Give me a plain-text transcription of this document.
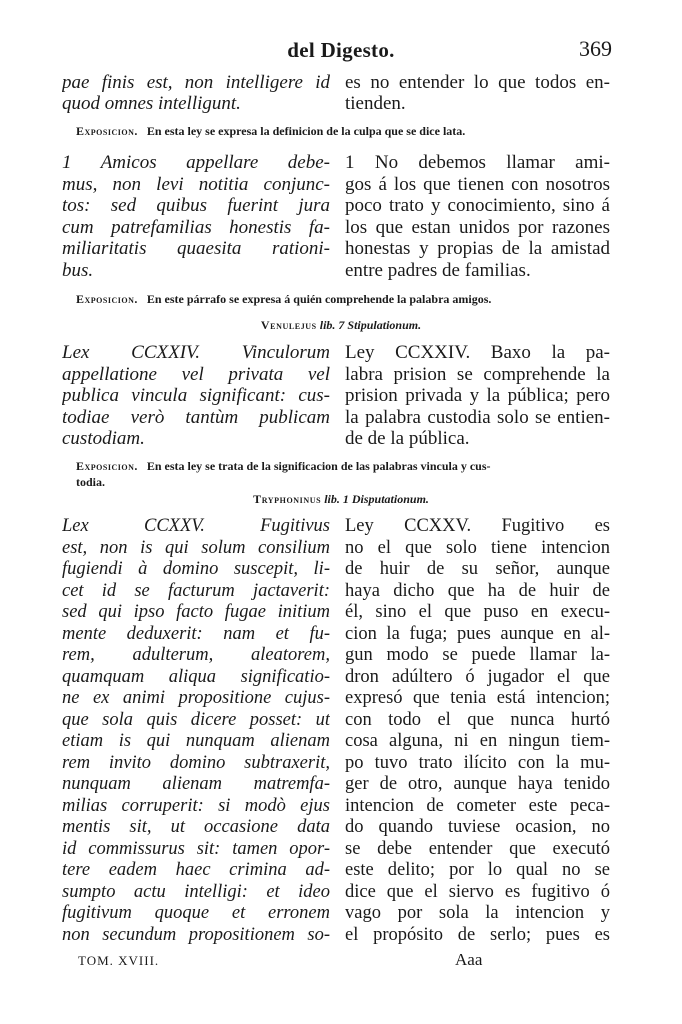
del Digesto.	369
pae finis est, non intelligere id
quod omnes intelligunt.
es no entender lo que todos en-
tienden.
Exposicion. En esta ley se expresa la definicion de la culpa que se dice lata.
1 Amicos appellare debe-
mus, non levi notitia conjunc-
tos: sed quibus fuerint jura
cum patrefamilias honestis fa-
miliaritatis quaesita rationi-
bus.
1 No debemos llamar ami-
gos á los que tienen con nosotros
poco trato y conocimiento, sino á
los que estan unidos por razones
honestas y propias de la amistad
entre padres de familias.
Exposicion. En este párrafo se expresa á quién comprehende la palabra amigos.
Venulejus lib. 7 Stipulationum.
Lex CCXXIV. Vinculorum
appellatione vel privata vel
publica vincula significant: cus-
todiae verò tantùm publicam
custodiam.
Ley CCXXIV. Baxo la pa-
labra prision se comprehende la
prision privada y la pública; pero
la palabra custodia solo se entien-
de de la pública.
Exposicion. En esta ley se trata de la significacion de las palabras vincula y cus-
todia.
Tryphoninus lib. 1 Disputationum.
Lex CCXXV. Fugitivus
est, non is qui solum consilium
fugiendi à domino suscepit, li-
cet id se facturum jactaverit:
sed qui ipso facto fugae initium
mente deduxerit: nam et fu-
rem, adulterum, aleatorem,
quamquam aliqua significatio-
ne ex animi propositione cujus-
que sola quis dicere posset: ut
etiam is qui nunquam alienam
rem invito domino subtraxerit,
nunquam alienam matremfa-
milias corruperit: si modò ejus
mentis sit, ut occasione data
id commissurus sit: tamen opor-
tere eadem haec crimina ad-
sumpto actu intelligi: et ideo
fugitivum quoque et erronem
non secundum propositionem so-
Ley CCXXV. Fugitivo es
no el que solo tiene intencion
de huir de su señor, aunque
haya dicho que ha de huir de
él, sino el que puso en execu-
cion la fuga; pues aunque en al-
gun modo se puede llamar la-
dron adúltero ó jugador el que
expresó que tenia está intencion;
con todo el que nunca hurtó
cosa alguna, ni en ningun tiem-
po tuvo trato ilícito con la mu-
ger de otro, aunque haya tenido
intencion de cometer este peca-
do quando tuviese ocasion, no
se debe entender que executó
este delito; por lo qual no se
dice que el siervo es fugitivo ó
vago por sola la intencion y
el propósito de serlo; pues es
TOM. XVIII.	Aaa
